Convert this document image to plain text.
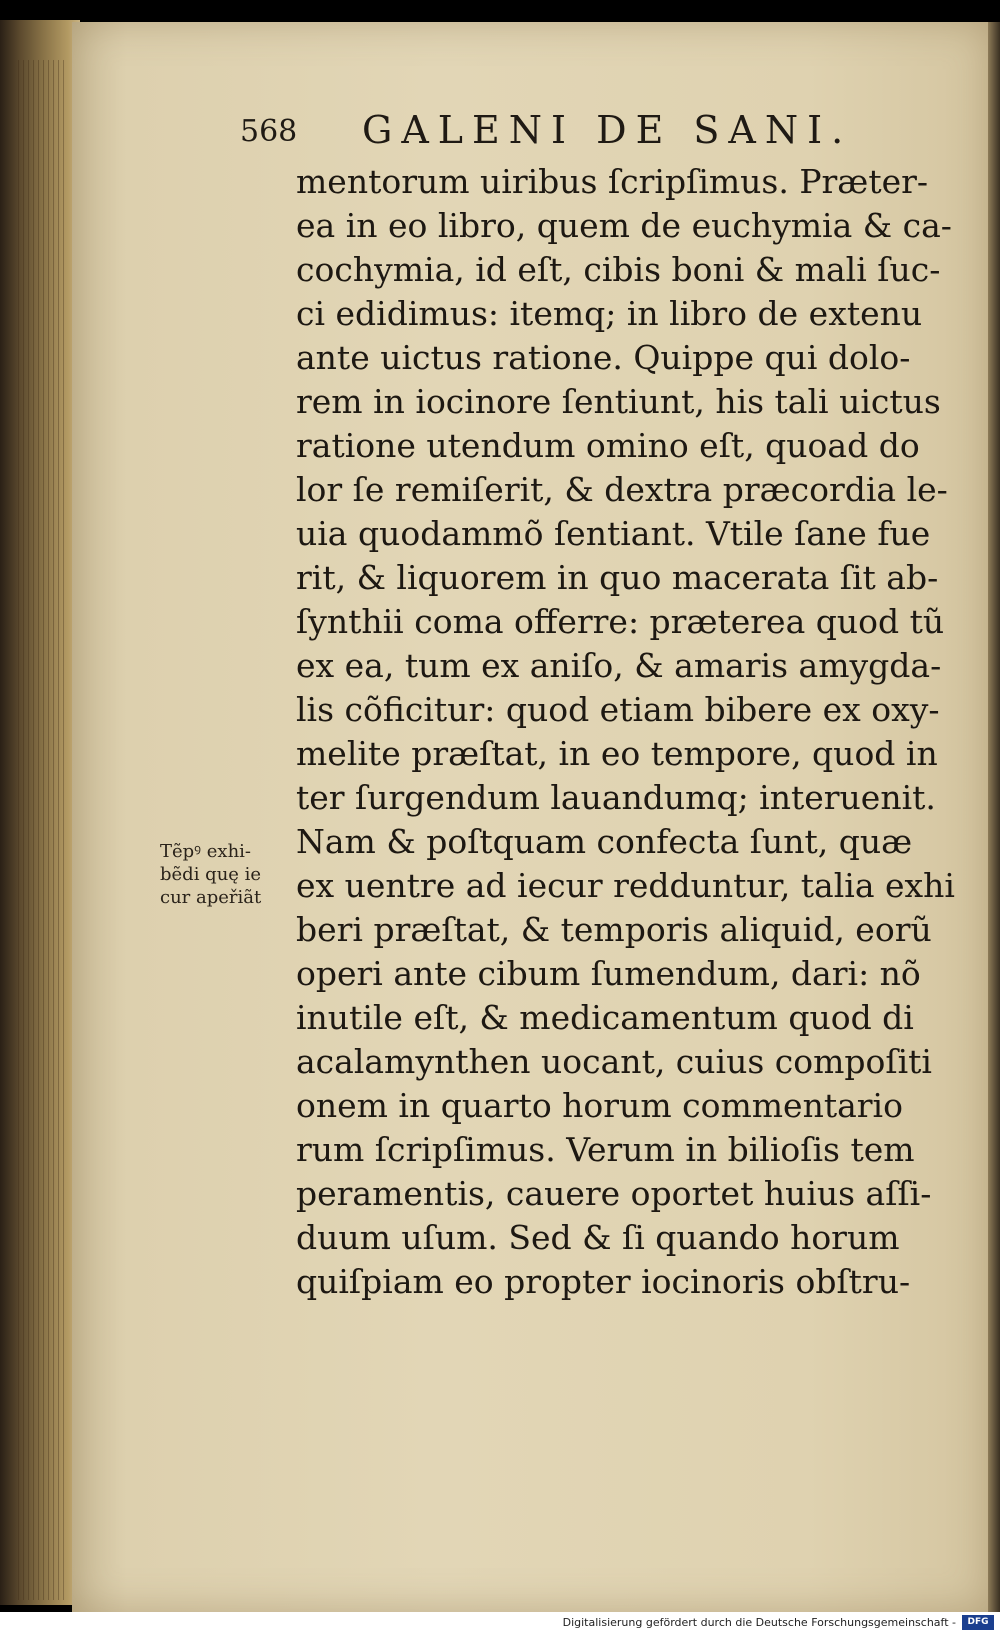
568 GALENI DE SANI.
Tẽpꝰ exhi-
bẽdi quę ie
cur apeřiãt
mentorum uiribus ſcripſimus. Præter-
ea in eo libro, quem de euchymia & ca-
cochymia, id eſt, cibis boni & mali ſuc-
ci edidimus: itemq; in libro de extenu
ante uictus ratione. Quippe qui dolo-
rem in iocinore ſentiunt, his tali uictus
ratione utendum omino eſt, quoad do
lor ſe remiſerit, & dextra præcordia le-
uia quodammõ ſentiant. Vtile ſane fue
rit, & liquorem in quo macerata ſit ab-
ſynthii coma offerre: præterea quod tũ
ex ea, tum ex aniſo, & amaris amygda-
lis cõficitur: quod etiam bibere ex oxy-
melite præſtat, in eo tempore, quod in
ter ſurgendum lauandumq; interuenit.
Nam & poſtquam confecta ſunt, quæ
ex uentre ad iecur redduntur, talia exhi
beri præſtat, & temporis aliquid, eorũ
operi ante cibum ſumendum, dari: nõ
inutile eſt, & medicamentum quod di
acalamynthen uocant, cuius compoſiti
onem in quarto horum commentario
rum ſcripſimus. Verum in bilioſis tem
peramentis, cauere oportet huius aſſi-
duum uſum. Sed & ſi quando horum
quiſpiam eo propter iocinoris obſtru-
Digitalisierung gefördert durch die Deutsche Forschungsgemeinschaft -	DFG
